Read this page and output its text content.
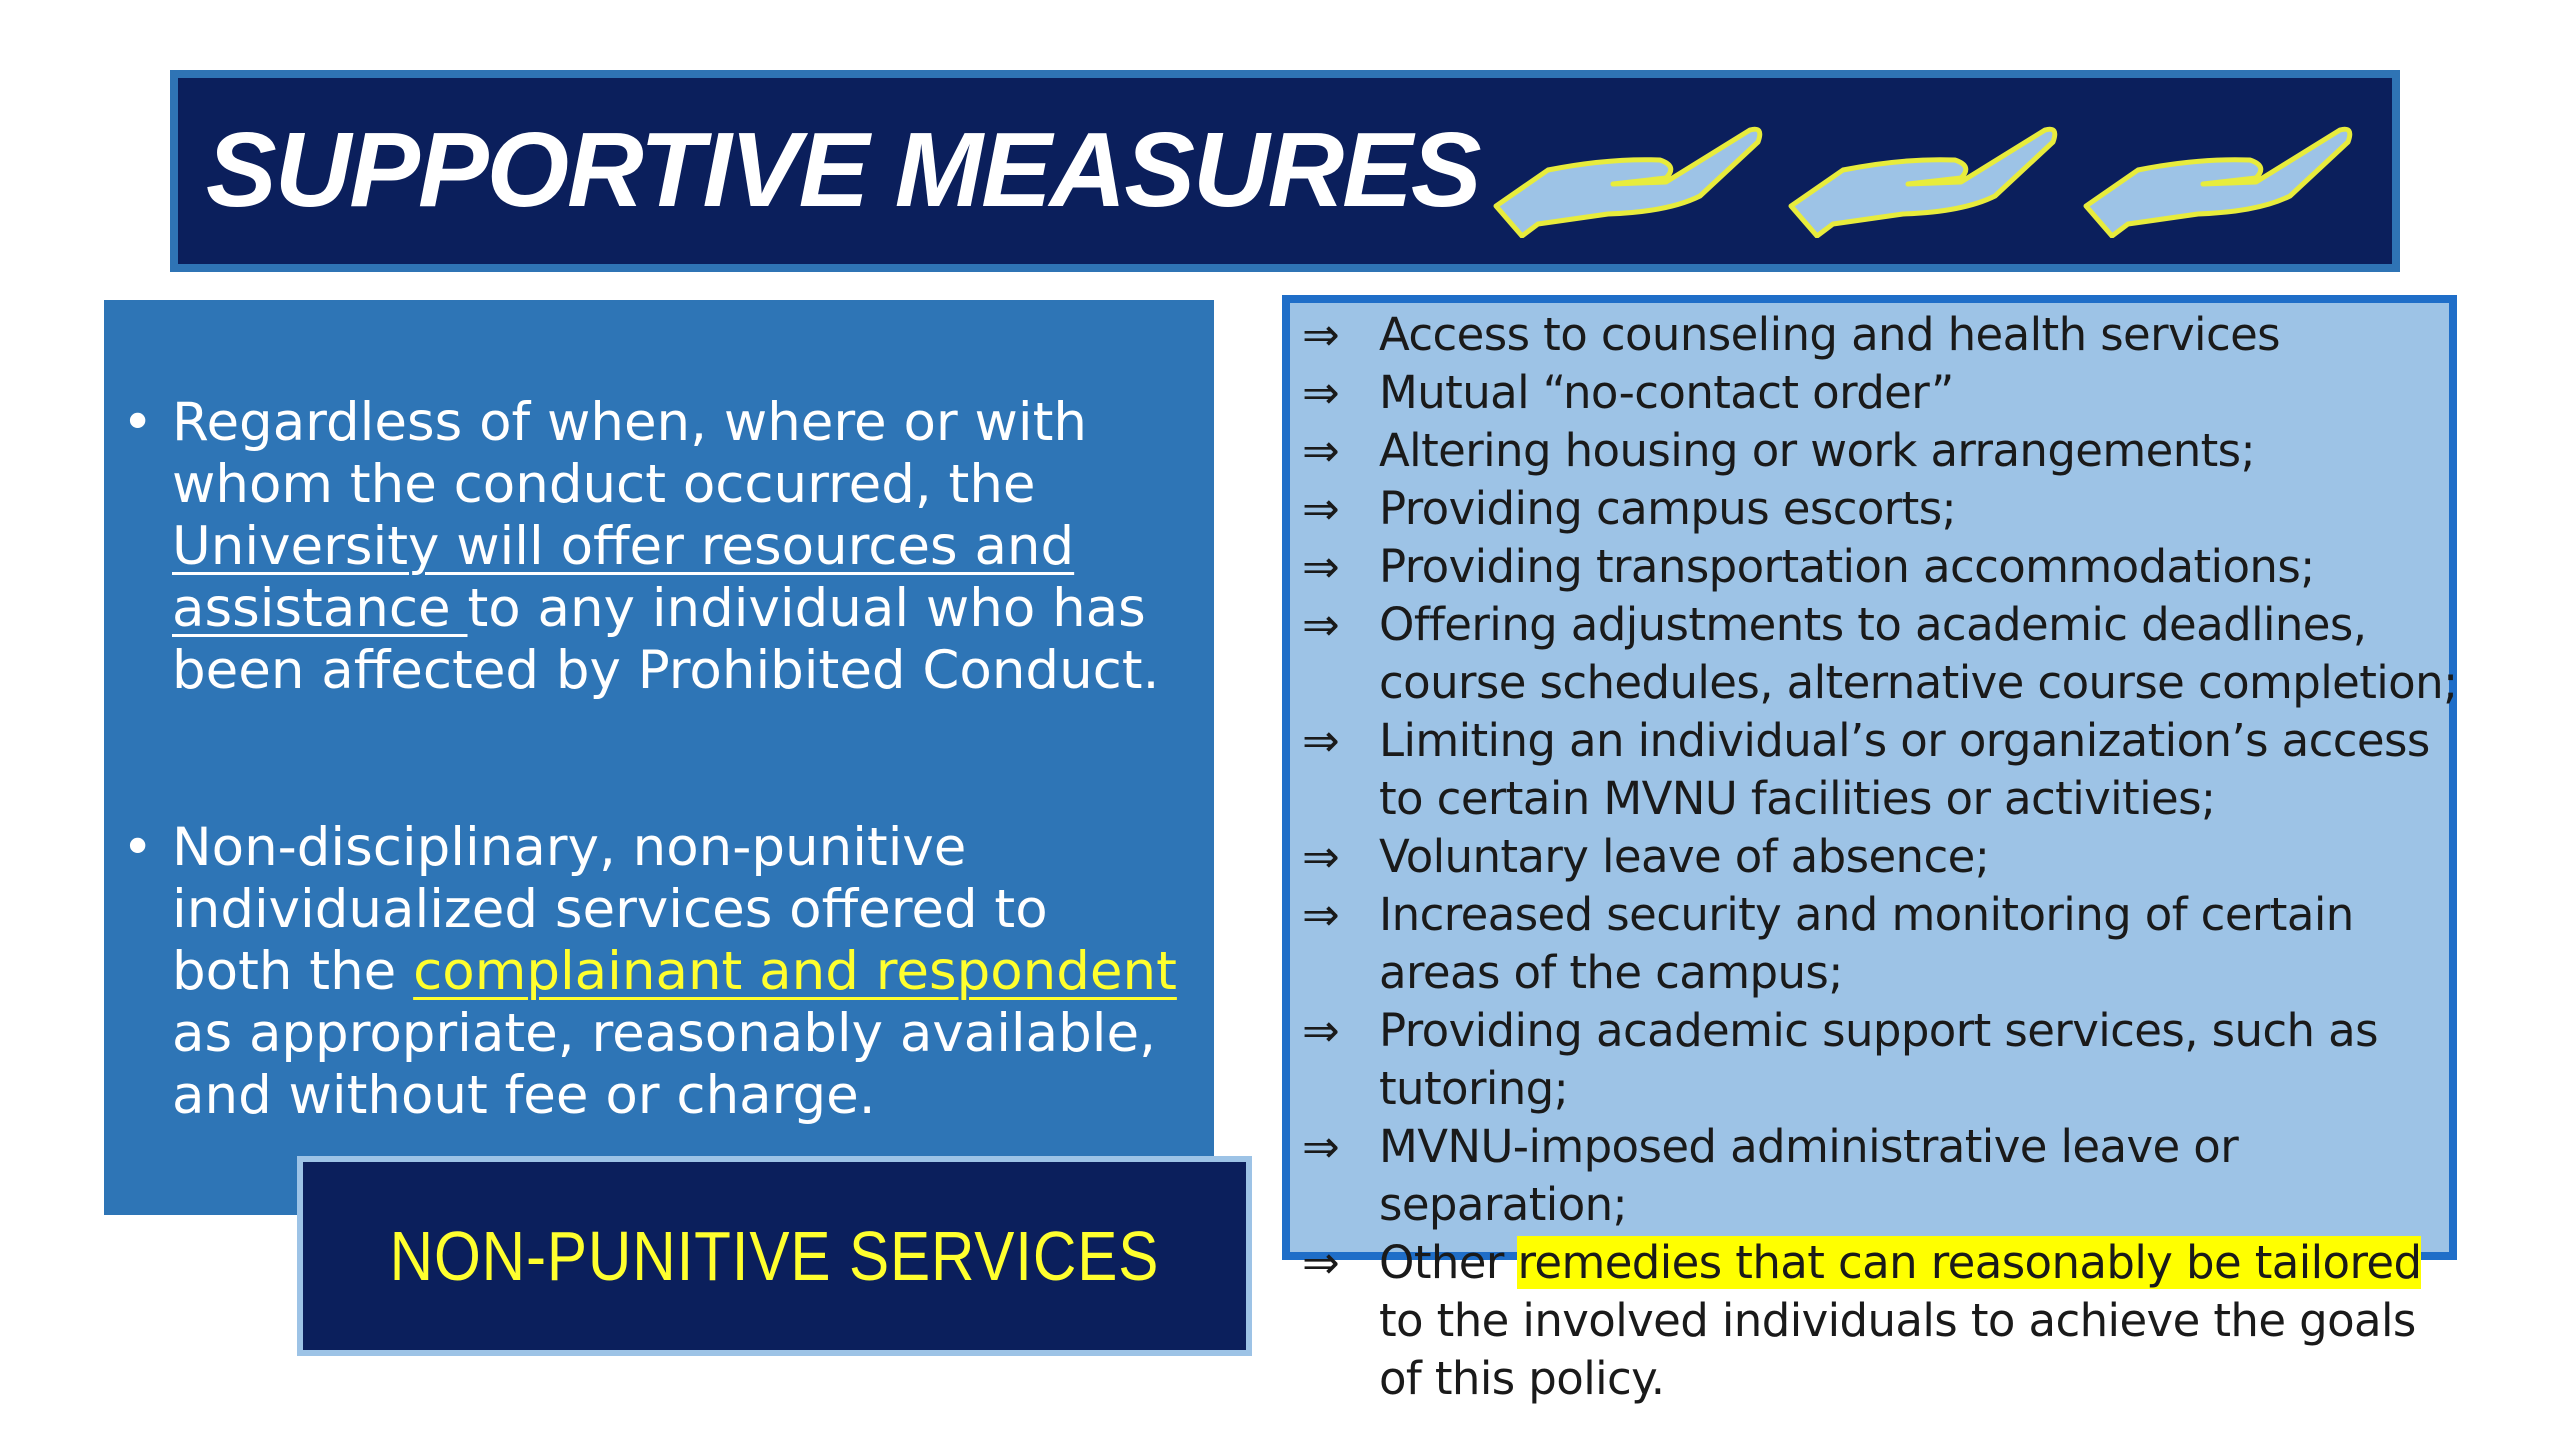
SUPPORTIVE MEASURES
• Regardless of when, where or with whom the conduct occurred, the University will offer resources and assistance to any individual who has been affected by Prohibited Conduct.
• Non-disciplinary, non-punitive individualized services offered to both the complainant and respondent as appropriate, reasonably available, and without fee or charge.
NON-PUNITIVE SERVICES
⇒ Access to counseling and health services
⇒ Mutual “no-contact order”
⇒ Altering housing or work arrangements;
⇒ Providing campus escorts;
⇒ Providing transportation accommodations;
⇒ Offering adjustments to academic deadlines, course schedules, alternative course completion;
⇒ Limiting an individual’s or organization’s access to certain MVNU facilities or activities;
⇒ Voluntary leave of absence;
⇒ Increased security and monitoring of certain areas of the campus;
⇒ Providing academic support services, such as tutoring;
⇒ MVNU-imposed administrative leave or separation;
⇒ Other remedies that can reasonably be tailored to the involved individuals to achieve the goals of this policy.
